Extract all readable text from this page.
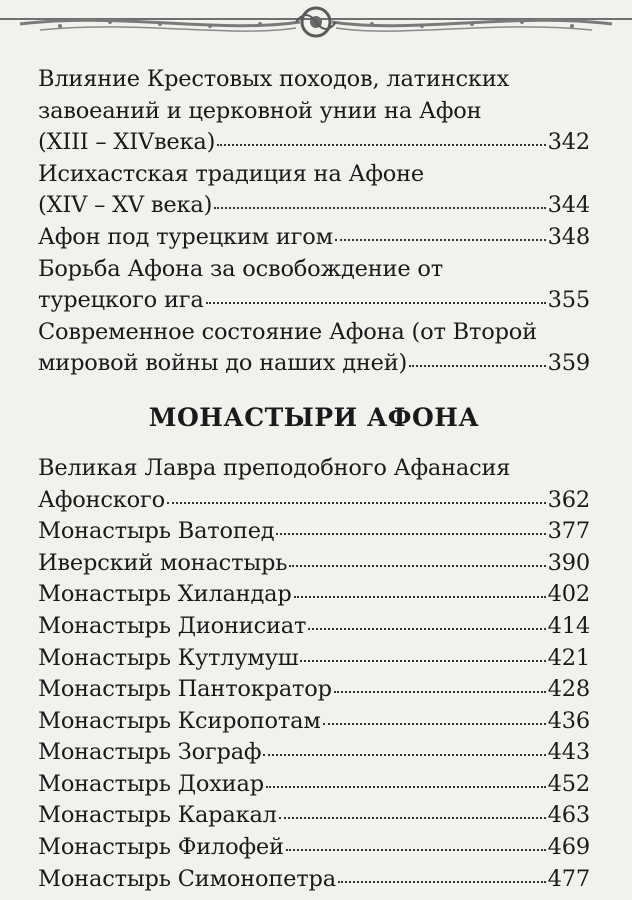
Влияние Крестовых походов, латинских
завоеаний и церковной унии на Афон
(XIII – XIVвека)	342
Исихастская традиция на Афоне
(XIV – XV века)	344
Афон под турецким игом	348
Борьба Афона за освобождение от
турецкого ига	355
Современное состояние Афона (от Второй
мировой войны до наших дней)	359
МОНАСТЫРИ АФОНА
Великая Лавра преподобного Афанасия
Афонского	362
Монастырь Ватопед	377
Иверский монастырь	390
Монастырь Хиландар	402
Монастырь Дионисиат	414
Монастырь Кутлумуш	421
Монастырь Пантократор	428
Монастырь Ксиропотам	436
Монастырь Зограф	443
Монастырь Дохиар	452
Монастырь Каракал	463
Монастырь Филофей	469
Монастырь Симонопетра	477
